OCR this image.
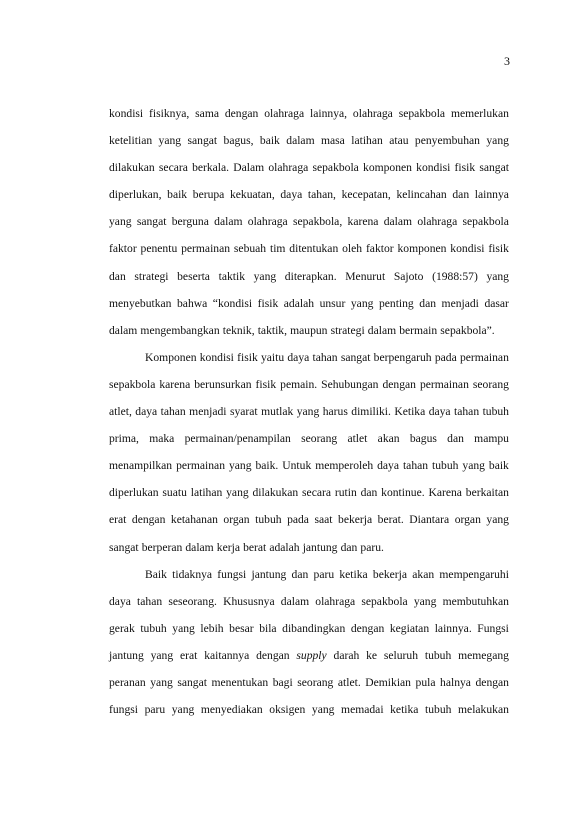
3
kondisi fisiknya, sama dengan olahraga lainnya, olahraga sepakbola memerlukan
ketelitian yang sangat bagus, baik dalam masa latihan atau penyembuhan yang
dilakukan secara berkala. Dalam olahraga sepakbola komponen kondisi fisik sangat
diperlukan, baik berupa kekuatan, daya tahan, kecepatan, kelincahan dan lainnya
yang sangat berguna dalam olahraga sepakbola, karena dalam olahraga sepakbola
faktor penentu permainan sebuah tim ditentukan oleh faktor komponen kondisi fisik
dan strategi beserta taktik yang diterapkan. Menurut Sajoto (1988:57) yang
menyebutkan bahwa “kondisi fisik adalah unsur yang penting dan menjadi dasar
dalam mengembangkan teknik, taktik, maupun strategi dalam bermain sepakbola”.
Komponen kondisi fisik yaitu daya tahan sangat berpengaruh pada permainan
sepakbola karena berunsurkan fisik pemain. Sehubungan dengan permainan seorang
atlet, daya tahan menjadi syarat mutlak yang harus dimiliki. Ketika daya tahan tubuh
prima, maka permainan/penampilan seorang atlet akan bagus dan mampu
menampilkan permainan yang baik. Untuk memperoleh daya tahan tubuh yang baik
diperlukan suatu latihan yang dilakukan secara rutin dan kontinue. Karena berkaitan
erat dengan ketahanan organ tubuh pada saat bekerja berat. Diantara organ yang
sangat berperan dalam kerja berat adalah jantung dan paru.
Baik tidaknya fungsi jantung dan paru ketika bekerja akan mempengaruhi
daya tahan seseorang. Khususnya dalam olahraga sepakbola yang membutuhkan
gerak tubuh yang lebih besar bila dibandingkan dengan kegiatan lainnya. Fungsi
jantung yang erat kaitannya dengan supply darah ke seluruh tubuh memegang
peranan yang sangat menentukan bagi seorang atlet. Demikian pula halnya dengan
fungsi paru yang menyediakan oksigen yang memadai ketika tubuh melakukan
